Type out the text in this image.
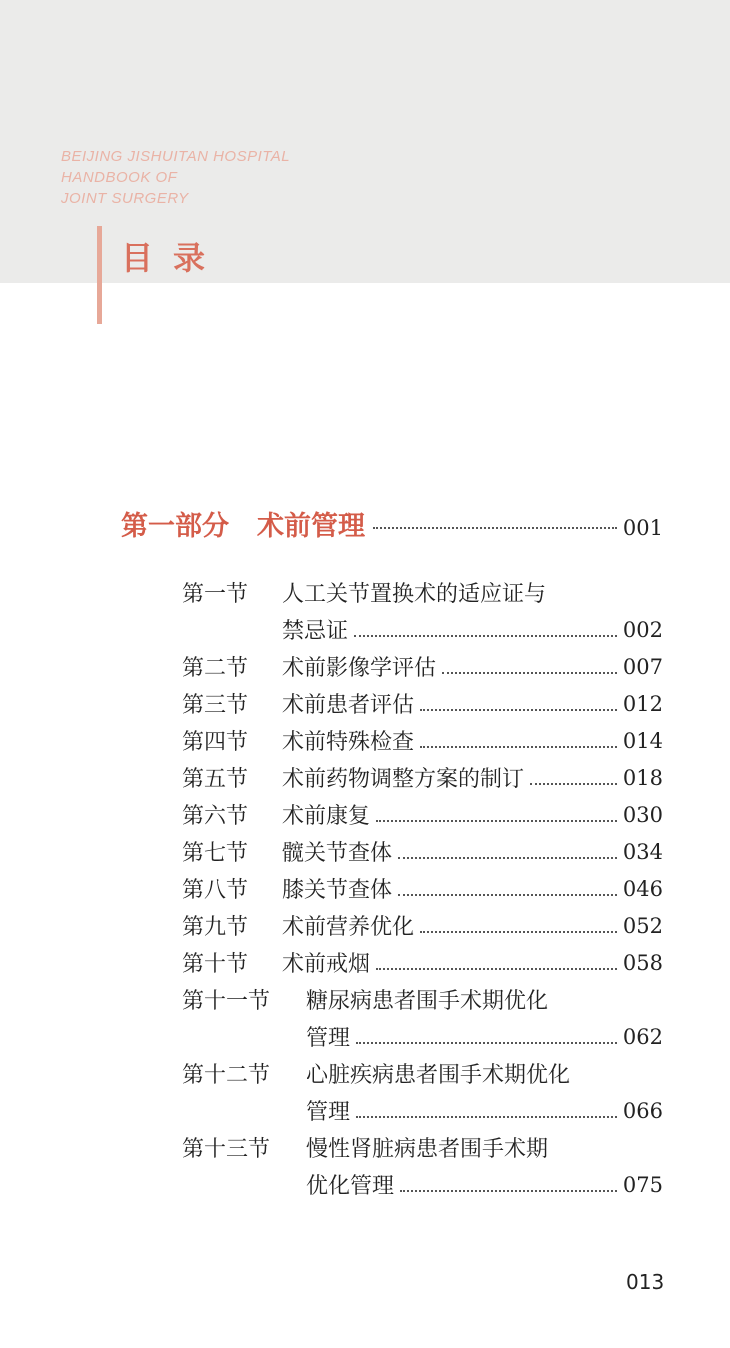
BEIJING JISHUITAN HOSPITAL
HANDBOOK OF
JOINT SURGERY
目录
第一部分 术前管理	001
第一节	人工关节置换术的适应证与
禁忌证	002
第二节	术前影像学评估	007
第三节	术前患者评估	012
第四节	术前特殊检查	014
第五节	术前药物调整方案的制订	018
第六节	术前康复	030
第七节	髋关节查体	034
第八节	膝关节查体	046
第九节	术前营养优化	052
第十节	术前戒烟	058
第十一节	糖尿病患者围手术期优化
管理	062
第十二节	心脏疾病患者围手术期优化
管理	066
第十三节	慢性肾脏病患者围手术期
优化管理	075
013
